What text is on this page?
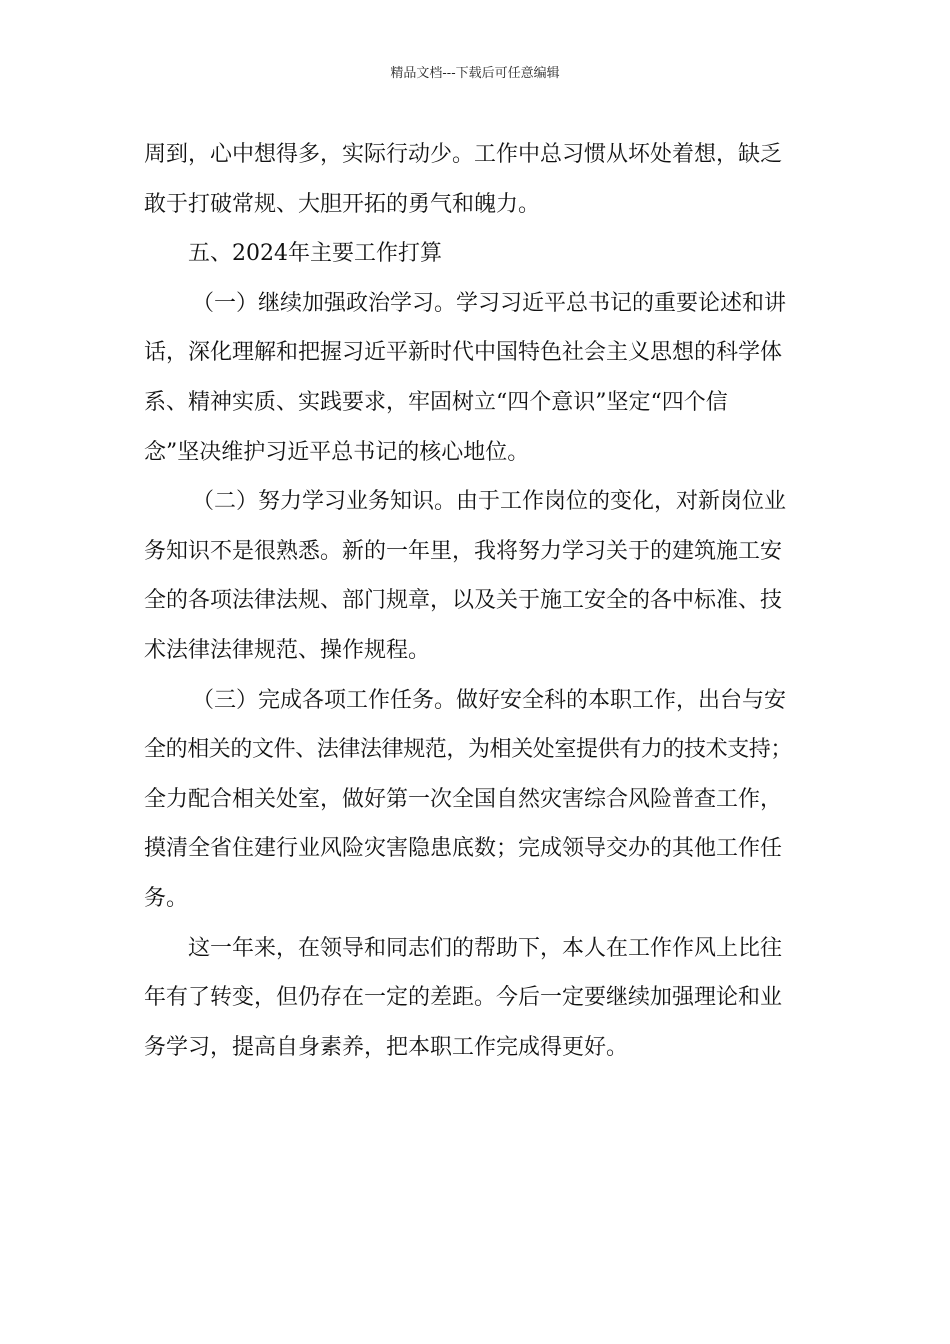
精品文档---下载后可任意编辑
周到，心中想得多，实际行动少。工作中总习惯从坏处着想，缺乏
敢于打破常规、大胆开拓的勇气和魄力。
五、2024年主要工作打算
（一）继续加强政治学习。学习习近平总书记的重要论述和讲
话，深化理解和把握习近平新时代中国特色社会主义思想的科学体
系、精神实质、实践要求，牢固树立“四个意识”坚定“四个信
念”坚决维护习近平总书记的核心地位。
（二）努力学习业务知识。由于工作岗位的变化，对新岗位业
务知识不是很熟悉。新的一年里，我将努力学习关于的建筑施工安
全的各项法律法规、部门规章，以及关于施工安全的各中标准、技
术法律法律规范、操作规程。
（三）完成各项工作任务。做好安全科的本职工作，出台与安
全的相关的文件、法律法律规范，为相关处室提供有力的技术支持；
全力配合相关处室，做好第一次全国自然灾害综合风险普查工作，
摸清全省住建行业风险灾害隐患底数；完成领导交办的其他工作任
务。
这一年来，在领导和同志们的帮助下，本人在工作作风上比往
年有了转变，但仍存在一定的差距。今后一定要继续加强理论和业
务学习，提高自身素养，把本职工作完成得更好。
